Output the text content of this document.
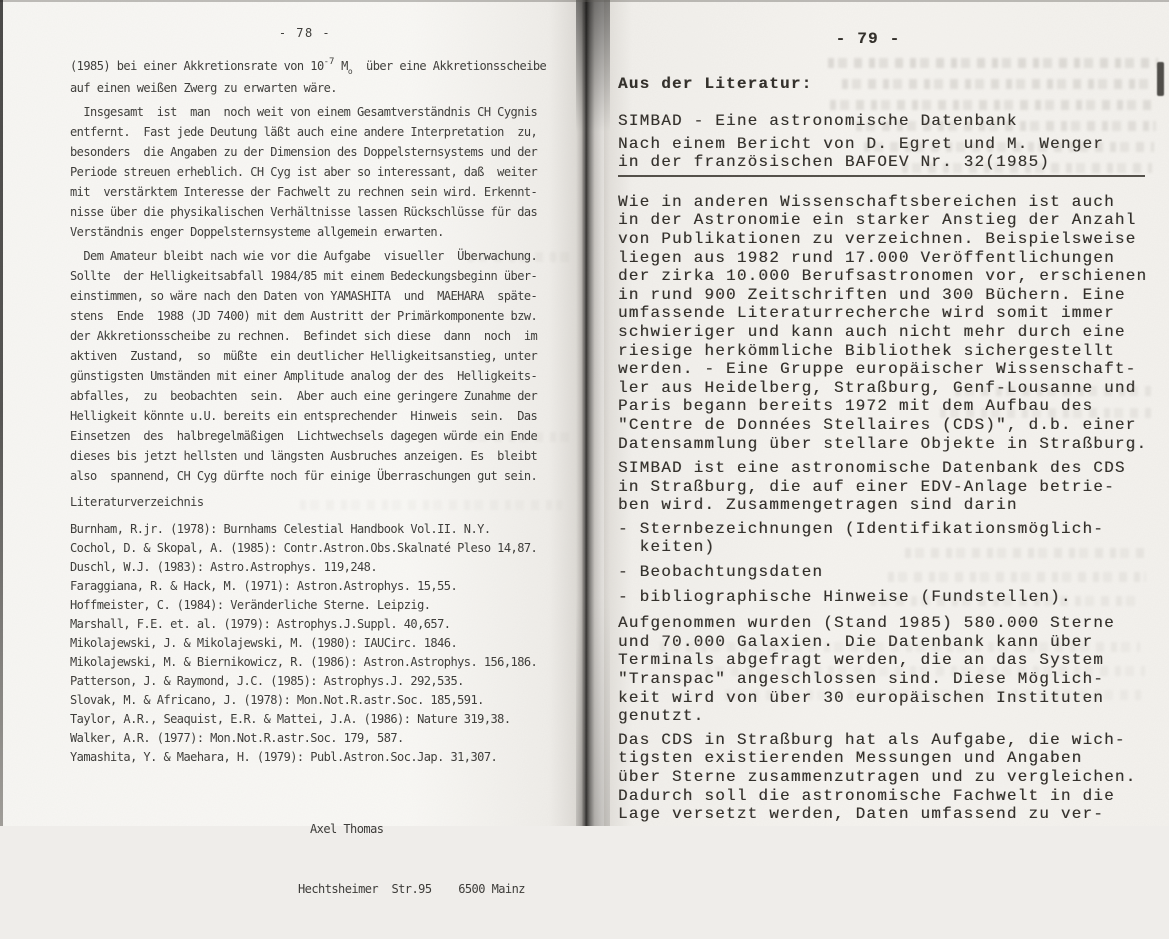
- 78 -
(1985) bei einer Akkretionsrate von $10^{-7}$ $M_o$  über eine Akkretionsscheibe
auf einen weißen Zwerg zu erwarten wäre.
Insgesamt  ist  man  noch weit von einem Gesamtverständnis CH Cygnis
entfernt.  Fast jede Deutung läßt auch eine andere Interpretation  zu,
besonders  die Angaben zu der Dimension des Doppelsternsystems und der
Periode streuen erheblich. CH Cyg ist aber so interessant, daß  weiter
mit  verstärktem Interesse der Fachwelt zu rechnen sein wird. Erkennt-
nisse über die physikalischen Verhältnisse lassen Rückschlüsse für das
Verständnis enger Doppelsternsysteme allgemein erwarten.
Dem Amateur bleibt nach wie vor die Aufgabe  visueller  Überwachung.
Sollte  der Helligkeitsabfall 1984/85 mit einem Bedeckungsbeginn über-
einstimmen, so wäre nach den Daten von YAMASHITA  und  MAEHARA  späte-
stens  Ende  1988 (JD 7400) mit dem Austritt der Primärkomponente bzw.
der Akkretionsscheibe zu rechnen.  Befindet sich diese  dann  noch  im
aktiven  Zustand,  so  müßte  ein deutlicher Helligkeitsanstieg, unter
günstigsten Umständen mit einer Amplitude analog der des  Helligkeits-
abfalles,  zu  beobachten  sein.  Aber auch eine geringere Zunahme der
Helligkeit könnte u.U. bereits ein entsprechender  Hinweis  sein.  Das
Einsetzen  des  halbregelmäßigen  Lichtwechsels dagegen würde ein Ende
dieses bis jetzt hellsten und längsten Ausbruches anzeigen. Es  bleibt
also  spannend, CH Cyg dürfte noch für einige Überraschungen gut sein.
Literaturverzeichnis
Burnham, R.jr. (1978): Burnhams Celestial Handbook Vol.II. N.Y.
Cochol, D. & Skopal, A. (1985): Contr.Astron.Obs.Skalnaté Pleso 14,87.
Duschl, W.J. (1983): Astro.Astrophys. 119,248.
Faraggiana, R. & Hack, M. (1971): Astron.Astrophys. 15,55.
Hoffmeister, C. (1984): Veränderliche Sterne. Leipzig.
Marshall, F.E. et. al. (1979): Astrophys.J.Suppl. 40,657.
Mikolajewski, J. & Mikolajewski, M. (1980): IAUCirc. 1846.
Mikolajewski, M. & Biernikowicz, R. (1986): Astron.Astrophys. 156,186.
Patterson, J. & Raymond, J.C. (1985): Astrophys.J. 292,535.
Slovak, M. & Africano, J. (1978): Mon.Not.R.astr.Soc. 185,591.
Taylor, A.R., Seaquist, E.R. & Mattei, J.A. (1986): Nature 319,38.
Walker, A.R. (1977): Mon.Not.R.astr.Soc. 179, 587.
Yamashita, Y. & Maehara, H. (1979): Publ.Astron.Soc.Jap. 31,307.

Axel Thomas

Hechtsheimer  Str.95    6500 Mainz

- 79 -
Aus der Literatur:
SIMBAD - Eine astronomische Datenbank
Nach einem Bericht von D. Egret und M. Wenger
in der französischen BAFOEV Nr. 32(1985)
Wie in anderen Wissenschaftsbereichen ist auch
in der Astronomie ein starker Anstieg der Anzahl
von Publikationen zu verzeichnen. Beispielsweise
liegen aus 1982 rund 17.000 Veröffentlichungen
der zirka 10.000 Berufsastronomen vor, erschienen
in rund 900 Zeitschriften und 300 Büchern. Eine
umfassende Literaturrecherche wird somit immer
schwieriger und kann auch nicht mehr durch eine
riesige herkömmliche Bibliothek sichergestellt
werden. - Eine Gruppe europäischer Wissenschaft-
ler aus Heidelberg, Straßburg, Genf-Lousanne und
Paris begann bereits 1972 mit dem Aufbau des
"Centre de Données Stellaires (CDS)", d.b. einer
Datensammlung über stellare Objekte in Straßburg.
SIMBAD ist eine astronomische Datenbank des CDS
in Straßburg, die auf einer EDV-Anlage betrie-
ben wird. Zusammengetragen sind darin
- Sternbezeichnungen (Identifikationsmöglich-
keiten)
- Beobachtungsdaten
- bibliographische Hinweise (Fundstellen).
Aufgenommen wurden (Stand 1985) 580.000 Sterne
und 70.000 Galaxien. Die Datenbank kann über
Terminals abgefragt werden, die an das System
"Transpac" angeschlossen sind. Diese Möglich-
keit wird von über 30 europäischen Instituten
genutzt.
Das CDS in Straßburg hat als Aufgabe, die wich-
tigsten existierenden Messungen und Angaben
über Sterne zusammenzutragen und zu vergleichen.
Dadurch soll die astronomische Fachwelt in die
Lage versetzt werden, Daten umfassend zu ver-
